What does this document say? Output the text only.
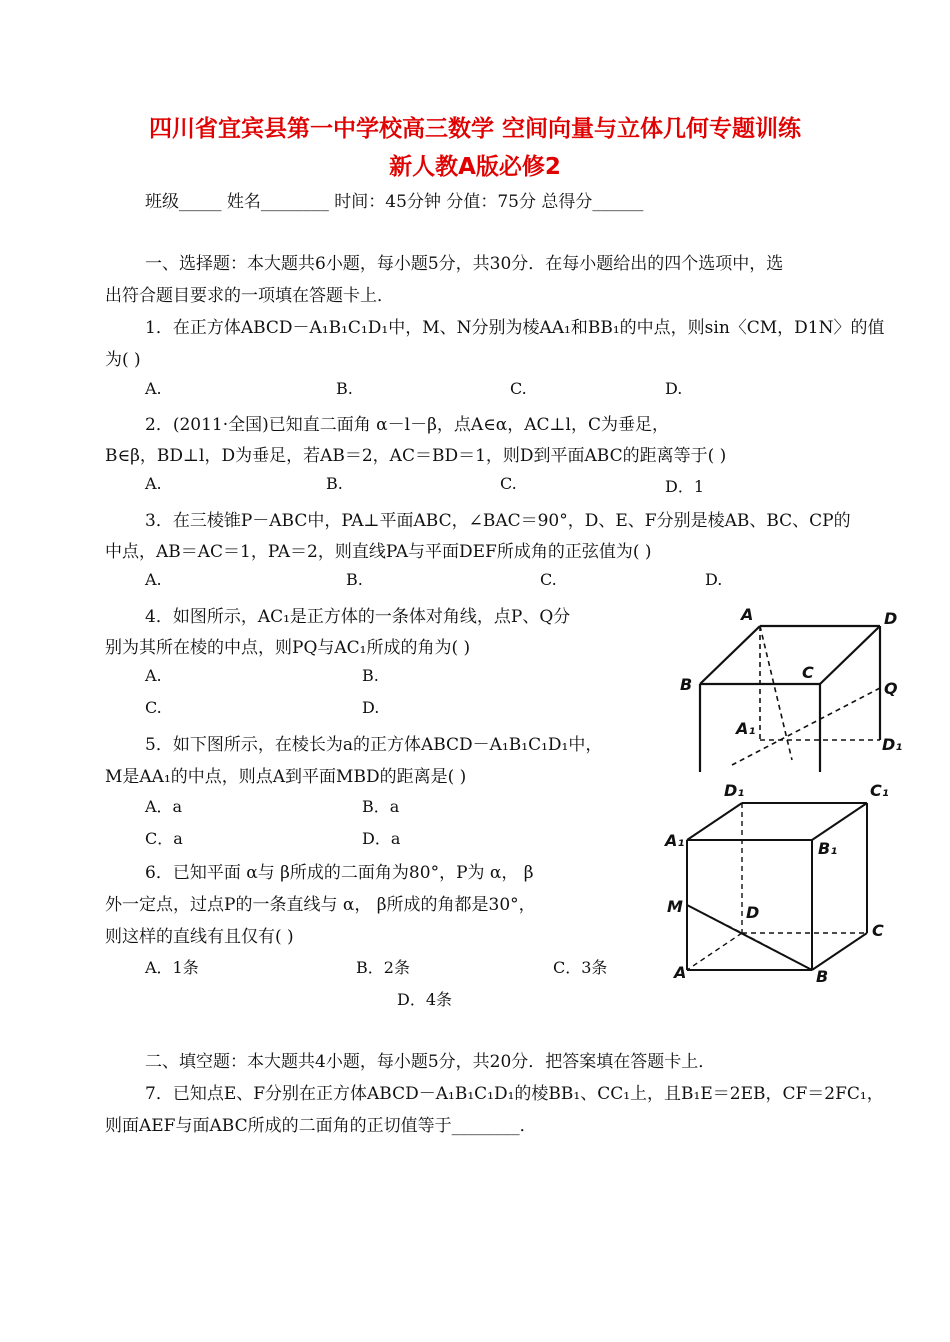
四川省宜宾县第一中学校高三数学 空间向量与立体几何专题训练
新人教A版必修2
班级_____ 姓名________ 时间：45分钟 分值：75分 总得分______
一、选择题：本大题共6小题，每小题5分，共30分．在每小题给出的四个选项中，选
出符合题目要求的一项填在答题卡上．
1．在正方体ABCD－A₁B₁C₁D₁中，M、N分别为棱AA₁和BB₁的中点，则sin〈CM，D1N〉的值
为( )
A.	B.	C.	D.
2．(2011·全国)已知直二面角 α－l－β，点A∈α，AC⊥l，C为垂足，
B∈β，BD⊥l，D为垂足，若AB＝2，AC＝BD＝1，则D到平面ABC的距离等于( )
A.	B.	C.	D．1
3．在三棱锥P－ABC中，PA⊥平面ABC，∠BAC＝90°，D、E、F分别是棱AB、BC、CP的
中点，AB＝AC＝1，PA＝2，则直线PA与平面DEF所成角的正弦值为( )
A.	B.	C.	D.
4．如图所示，AC₁是正方体的一条体对角线，点P、Q分
别为其所在棱的中点，则PQ与AC₁所成的角为( )
A.	B.
C.	D.
5．如下图所示，在棱长为a的正方体ABCD－A₁B₁C₁D₁中，
M是AA₁的中点，则点A到平面MBD的距离是( )
A．a	B．a
C．a	D．a
6．已知平面 α与 β所成的二面角为80°，P为 α， β
外一定点，过点P的一条直线与 α， β所成的角都是30°，
则这样的直线有且仅有( )
A．1条	B．2条	C．3条
D．4条
二、填空题：本大题共4小题，每小题5分，共20分．把答案填在答题卡上．
7．已知点E、F分别在正方体ABCD－A₁B₁C₁D₁的棱BB₁、CC₁上，且B₁E＝2EB，CF＝2FC₁，
则面AEF与面ABC所成的二面角的正切值等于________．
A	D
B
C
Q
A₁
D₁
D₁	C₁
A₁	B₁
M	D
C
A	B
